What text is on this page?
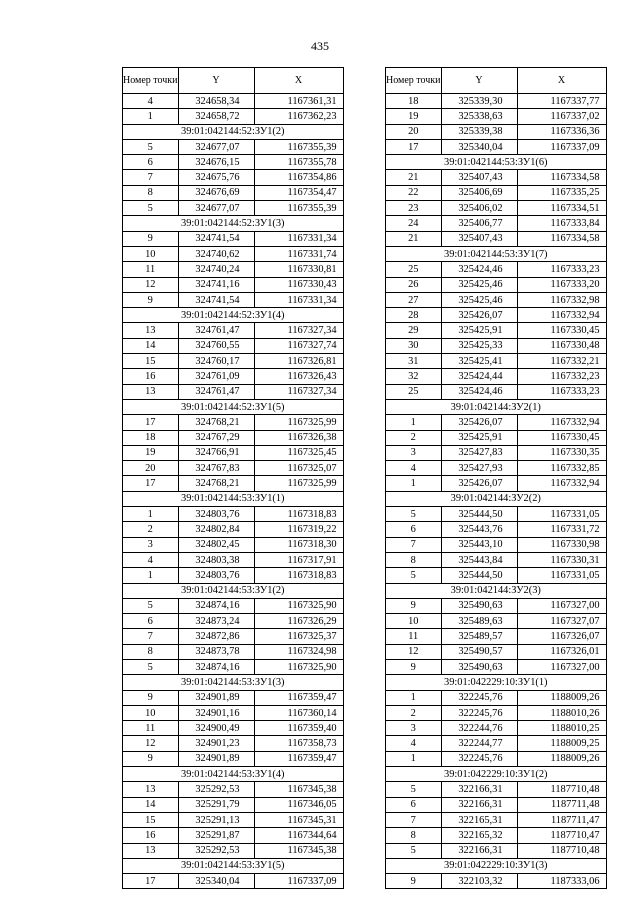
435
Номер точки	Y	X
4	324658,34	1167361,31
1	324658,72	1167362,23
39:01:042144:52:ЗУ1(2)		
5	324677,07	1167355,39
6	324676,15	1167355,78
7	324675,76	1167354,86
8	324676,69	1167354,47
5	324677,07	1167355,39
39:01:042144:52:ЗУ1(3)		
9	324741,54	1167331,34
10	324740,62	1167331,74
11	324740,24	1167330,81
12	324741,16	1167330,43
9	324741,54	1167331,34
39:01:042144:52:ЗУ1(4)		
13	324761,47	1167327,34
14	324760,55	1167327,74
15	324760,17	1167326,81
16	324761,09	1167326,43
13	324761,47	1167327,34
39:01:042144:52:ЗУ1(5)		
17	324768,21	1167325,99
18	324767,29	1167326,38
19	324766,91	1167325,45
20	324767,83	1167325,07
17	324768,21	1167325,99
39:01:042144:53:ЗУ1(1)		
1	324803,76	1167318,83
2	324802,84	1167319,22
3	324802,45	1167318,30
4	324803,38	1167317,91
1	324803,76	1167318,83
39:01:042144:53:ЗУ1(2)		
5	324874,16	1167325,90
6	324873,24	1167326,29
7	324872,86	1167325,37
8	324873,78	1167324,98
5	324874,16	1167325,90
39:01:042144:53:ЗУ1(3)		
9	324901,89	1167359,47
10	324901,16	1167360,14
11	324900,49	1167359,40
12	324901,23	1167358,73
9	324901,89	1167359,47
39:01:042144:53:ЗУ1(4)		
13	325292,53	1167345,38
14	325291,79	1167346,05
15	325291,13	1167345,31
16	325291,87	1167344,64
13	325292,53	1167345,38
39:01:042144:53:ЗУ1(5)		
17	325340,04	1167337,09
Номер точки	Y	X
18	325339,30	1167337,77
19	325338,63	1167337,02
20	325339,38	1167336,36
17	325340,04	1167337,09
39:01:042144:53:ЗУ1(6)		
21	325407,43	1167334,58
22	325406,69	1167335,25
23	325406,02	1167334,51
24	325406,77	1167333,84
21	325407,43	1167334,58
39:01:042144:53:ЗУ1(7)		
25	325424,46	1167333,23
26	325425,46	1167333,20
27	325425,46	1167332,98
28	325426,07	1167332,94
29	325425,91	1167330,45
30	325425,33	1167330,48
31	325425,41	1167332,21
32	325424,44	1167332,23
25	325424,46	1167333,23
39:01:042144:ЗУ2(1)		
1	325426,07	1167332,94
2	325425,91	1167330,45
3	325427,83	1167330,35
4	325427,93	1167332,85
1	325426,07	1167332,94
39:01:042144:ЗУ2(2)		
5	325444,50	1167331,05
6	325443,76	1167331,72
7	325443,10	1167330,98
8	325443,84	1167330,31
5	325444,50	1167331,05
39:01:042144:ЗУ2(3)		
9	325490,63	1167327,00
10	325489,63	1167327,07
11	325489,57	1167326,07
12	325490,57	1167326,01
9	325490,63	1167327,00
39:01:042229:10:ЗУ1(1)		
1	322245,76	1188009,26
2	322245,76	1188010,26
3	322244,76	1188010,25
4	322244,77	1188009,25
1	322245,76	1188009,26
39:01:042229:10:ЗУ1(2)		
5	322166,31	1187710,48
6	322166,31	1187711,48
7	322165,31	1187711,47
8	322165,32	1187710,47
5	322166,31	1187710,48
39:01:042229:10:ЗУ1(3)		
9	322103,32	1187333,06
